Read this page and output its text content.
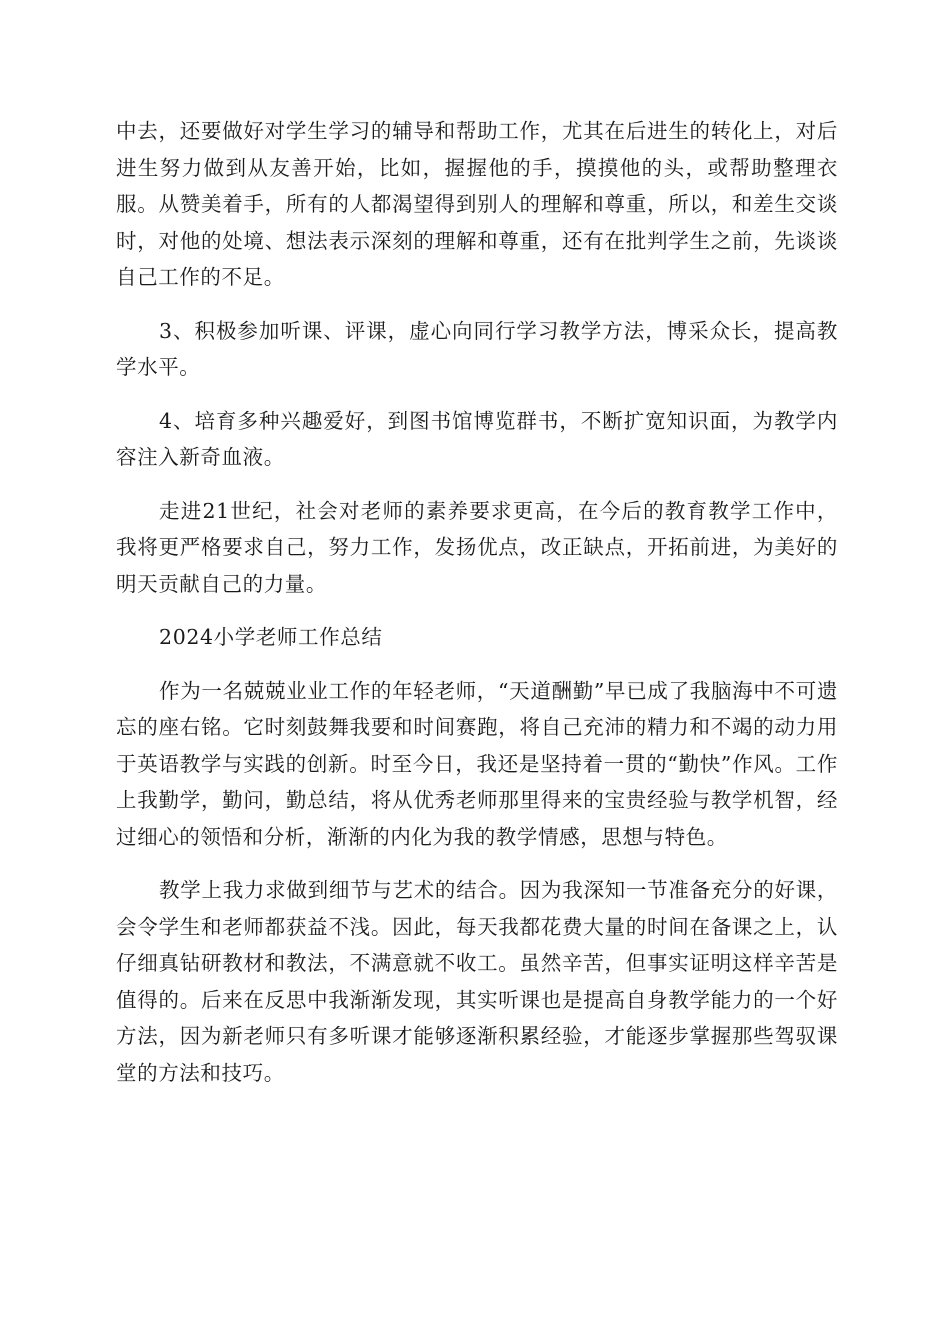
中去，还要做好对学生学习的辅导和帮助工作，尤其在后进生的转化上，对后进生努力做到从友善开始，比如，握握他的手，摸摸他的头，或帮助整理衣服。从赞美着手，所有的人都渴望得到别人的理解和尊重，所以，和差生交谈时，对他的处境、想法表示深刻的理解和尊重，还有在批判学生之前，先谈谈自己工作的不足。

3、积极参加听课、评课，虚心向同行学习教学方法，博采众长，提高教学水平。

4、培育多种兴趣爱好，到图书馆博览群书，不断扩宽知识面，为教学内容注入新奇血液。

走进21世纪，社会对老师的素养要求更高，在今后的教育教学工作中，我将更严格要求自己，努力工作，发扬优点，改正缺点，开拓前进，为美好的明天贡献自己的力量。

2024小学老师工作总结

作为一名兢兢业业工作的年轻老师，“天道酬勤”早已成了我脑海中不可遗忘的座右铭。它时刻鼓舞我要和时间赛跑，将自己充沛的精力和不竭的动力用于英语教学与实践的创新。时至今日，我还是坚持着一贯的“勤快”作风。工作上我勤学，勤问，勤总结，将从优秀老师那里得来的宝贵经验与教学机智，经过细心的领悟和分析，渐渐的内化为我的教学情感，思想与特色。

教学上我力求做到细节与艺术的结合。因为我深知一节准备充分的好课，会令学生和老师都获益不浅。因此，每天我都花费大量的时间在备课之上，认仔细真钻研教材和教法，不满意就不收工。虽然辛苦，但事实证明这样辛苦是值得的。后来在反思中我渐渐发现，其实听课也是提高自身教学能力的一个好方法，因为新老师只有多听课才能够逐渐积累经验，才能逐步掌握那些驾驭课堂的方法和技巧。
